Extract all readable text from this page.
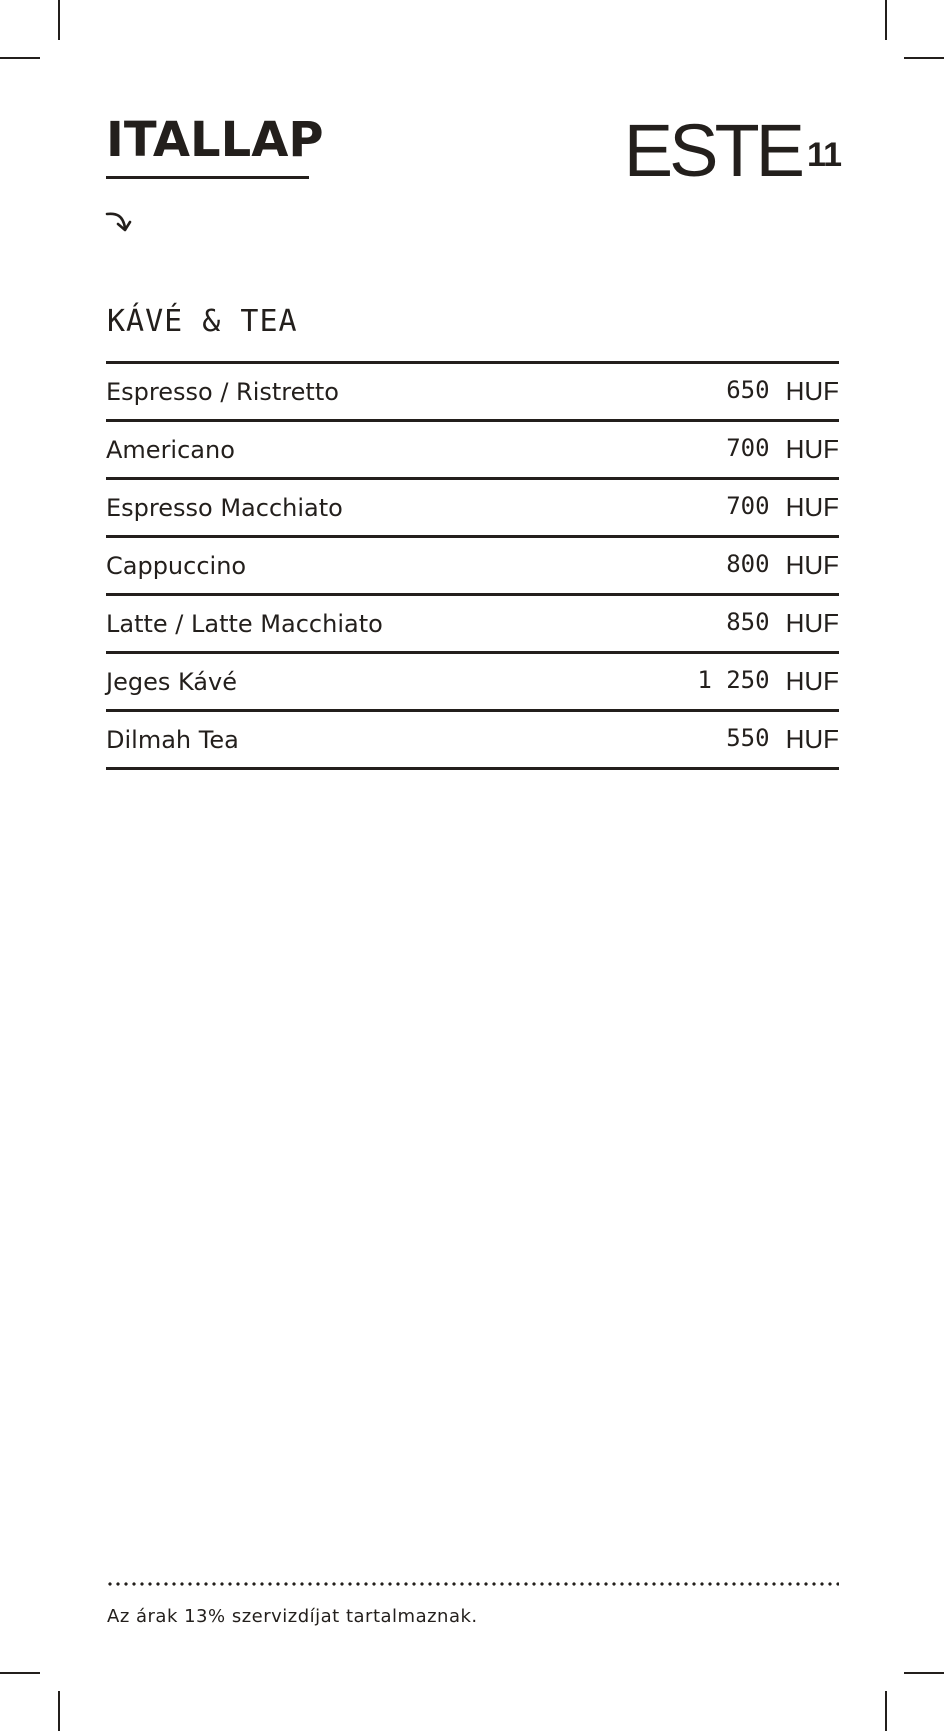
ITALLAP	ESTE $^{11}$
KÁVÉ & TEA
Espresso / Ristretto	650 HUF
Americano	700 HUF
Espresso Macchiato	700 HUF
Cappuccino	800 HUF
Latte / Latte Macchiato	850 HUF
Jeges Kávé	1 250 HUF
Dilmah Tea	550 HUF

Az árak 13% szervizdíjat tartalmaznak.
